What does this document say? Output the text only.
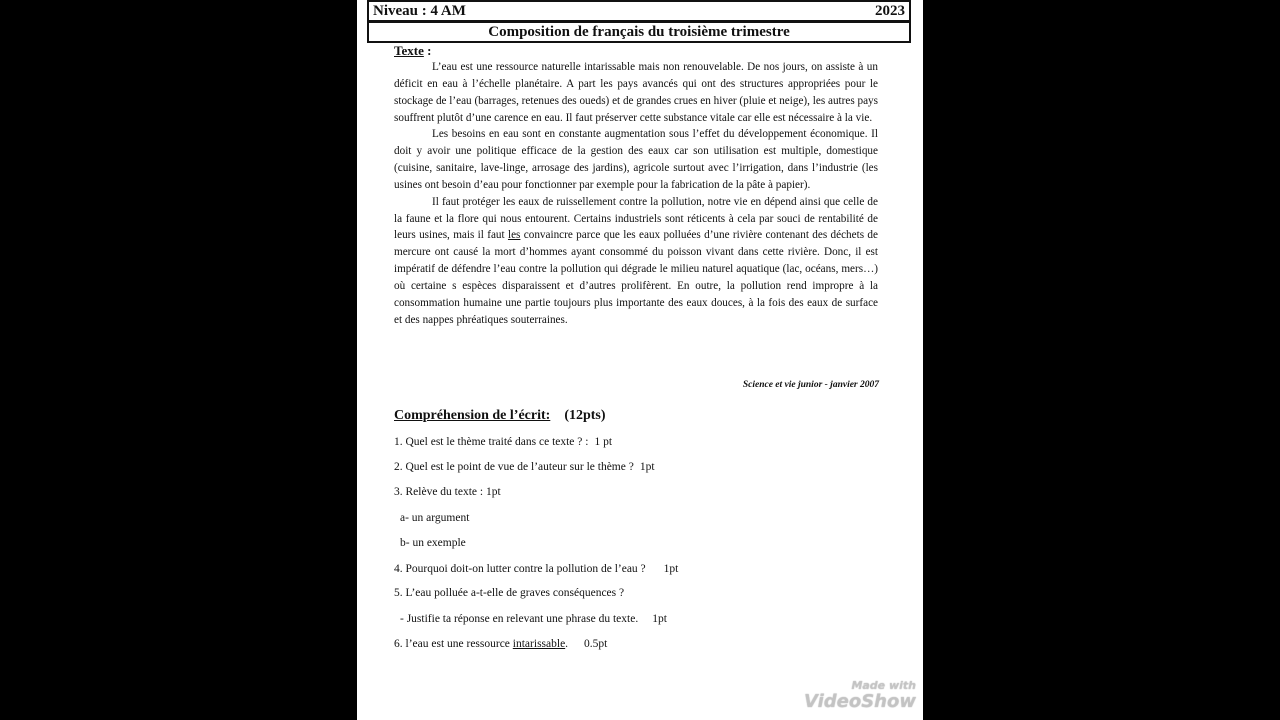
Niveau : 4 AM	2023
Composition de français du troisième trimestre
Texte :

L’eau est une ressource naturelle intarissable mais non renouvelable. De nos jours, on assiste à un déficit en eau à l’échelle planétaire. A part les pays avancés qui ont des structures appropriées pour le stockage de l’eau (barrages, retenues des oueds) et de grandes crues en hiver (pluie et neige), les autres pays souffrent plutôt d’une carence en eau. Il faut préserver cette substance vitale car elle est nécessaire à la vie.

Les besoins en eau sont en constante augmentation sous l’effet du développement économique. Il doit y avoir une politique efficace de la gestion des eaux car son utilisation est multiple, domestique (cuisine, sanitaire, lave-linge, arrosage des jardins), agricole surtout avec l’irrigation, dans l’industrie (les usines ont besoin d’eau pour fonctionner par exemple pour la fabrication de la pâte à papier).

Il faut protéger les eaux de ruissellement contre la pollution, notre vie en dépend ainsi que celle de la faune et la flore qui nous entourent. Certains industriels sont réticents à cela par souci de rentabilité de leurs usines, mais il faut les convaincre parce que les eaux polluées d’une rivière contenant des déchets de mercure ont causé la mort d’hommes ayant consommé du poisson vivant dans cette rivière. Donc, il est impératif de défendre l’eau contre la pollution qui dégrade le milieu naturel aquatique (lac, océans, mers…) où certaine s espèces disparaissent et d’autres prolifèrent. En outre, la pollution rend impropre à la consommation humaine une partie toujours plus importante des eaux douces, à la fois des eaux de surface et des nappes phréatiques souterraines.

Science et vie junior - janvier 2007
Compréhension de l’écrit: (12pts)
1. Quel est le thème traité dans ce texte ? : 1 pt
2. Quel est le point de vue de l’auteur sur le thème ? 1pt
3. Relève du texte : 1pt
a- un argument
b- un exemple
4. Pourquoi doit-on lutter contre la pollution de l’eau ? 1pt
5. L’eau polluée a-t-elle de graves conséquences ?
- Justifie ta réponse en relevant une phrase du texte. 1pt
6. l’eau est une ressource intarissable. 0.5pt
Made with
VideoShow
